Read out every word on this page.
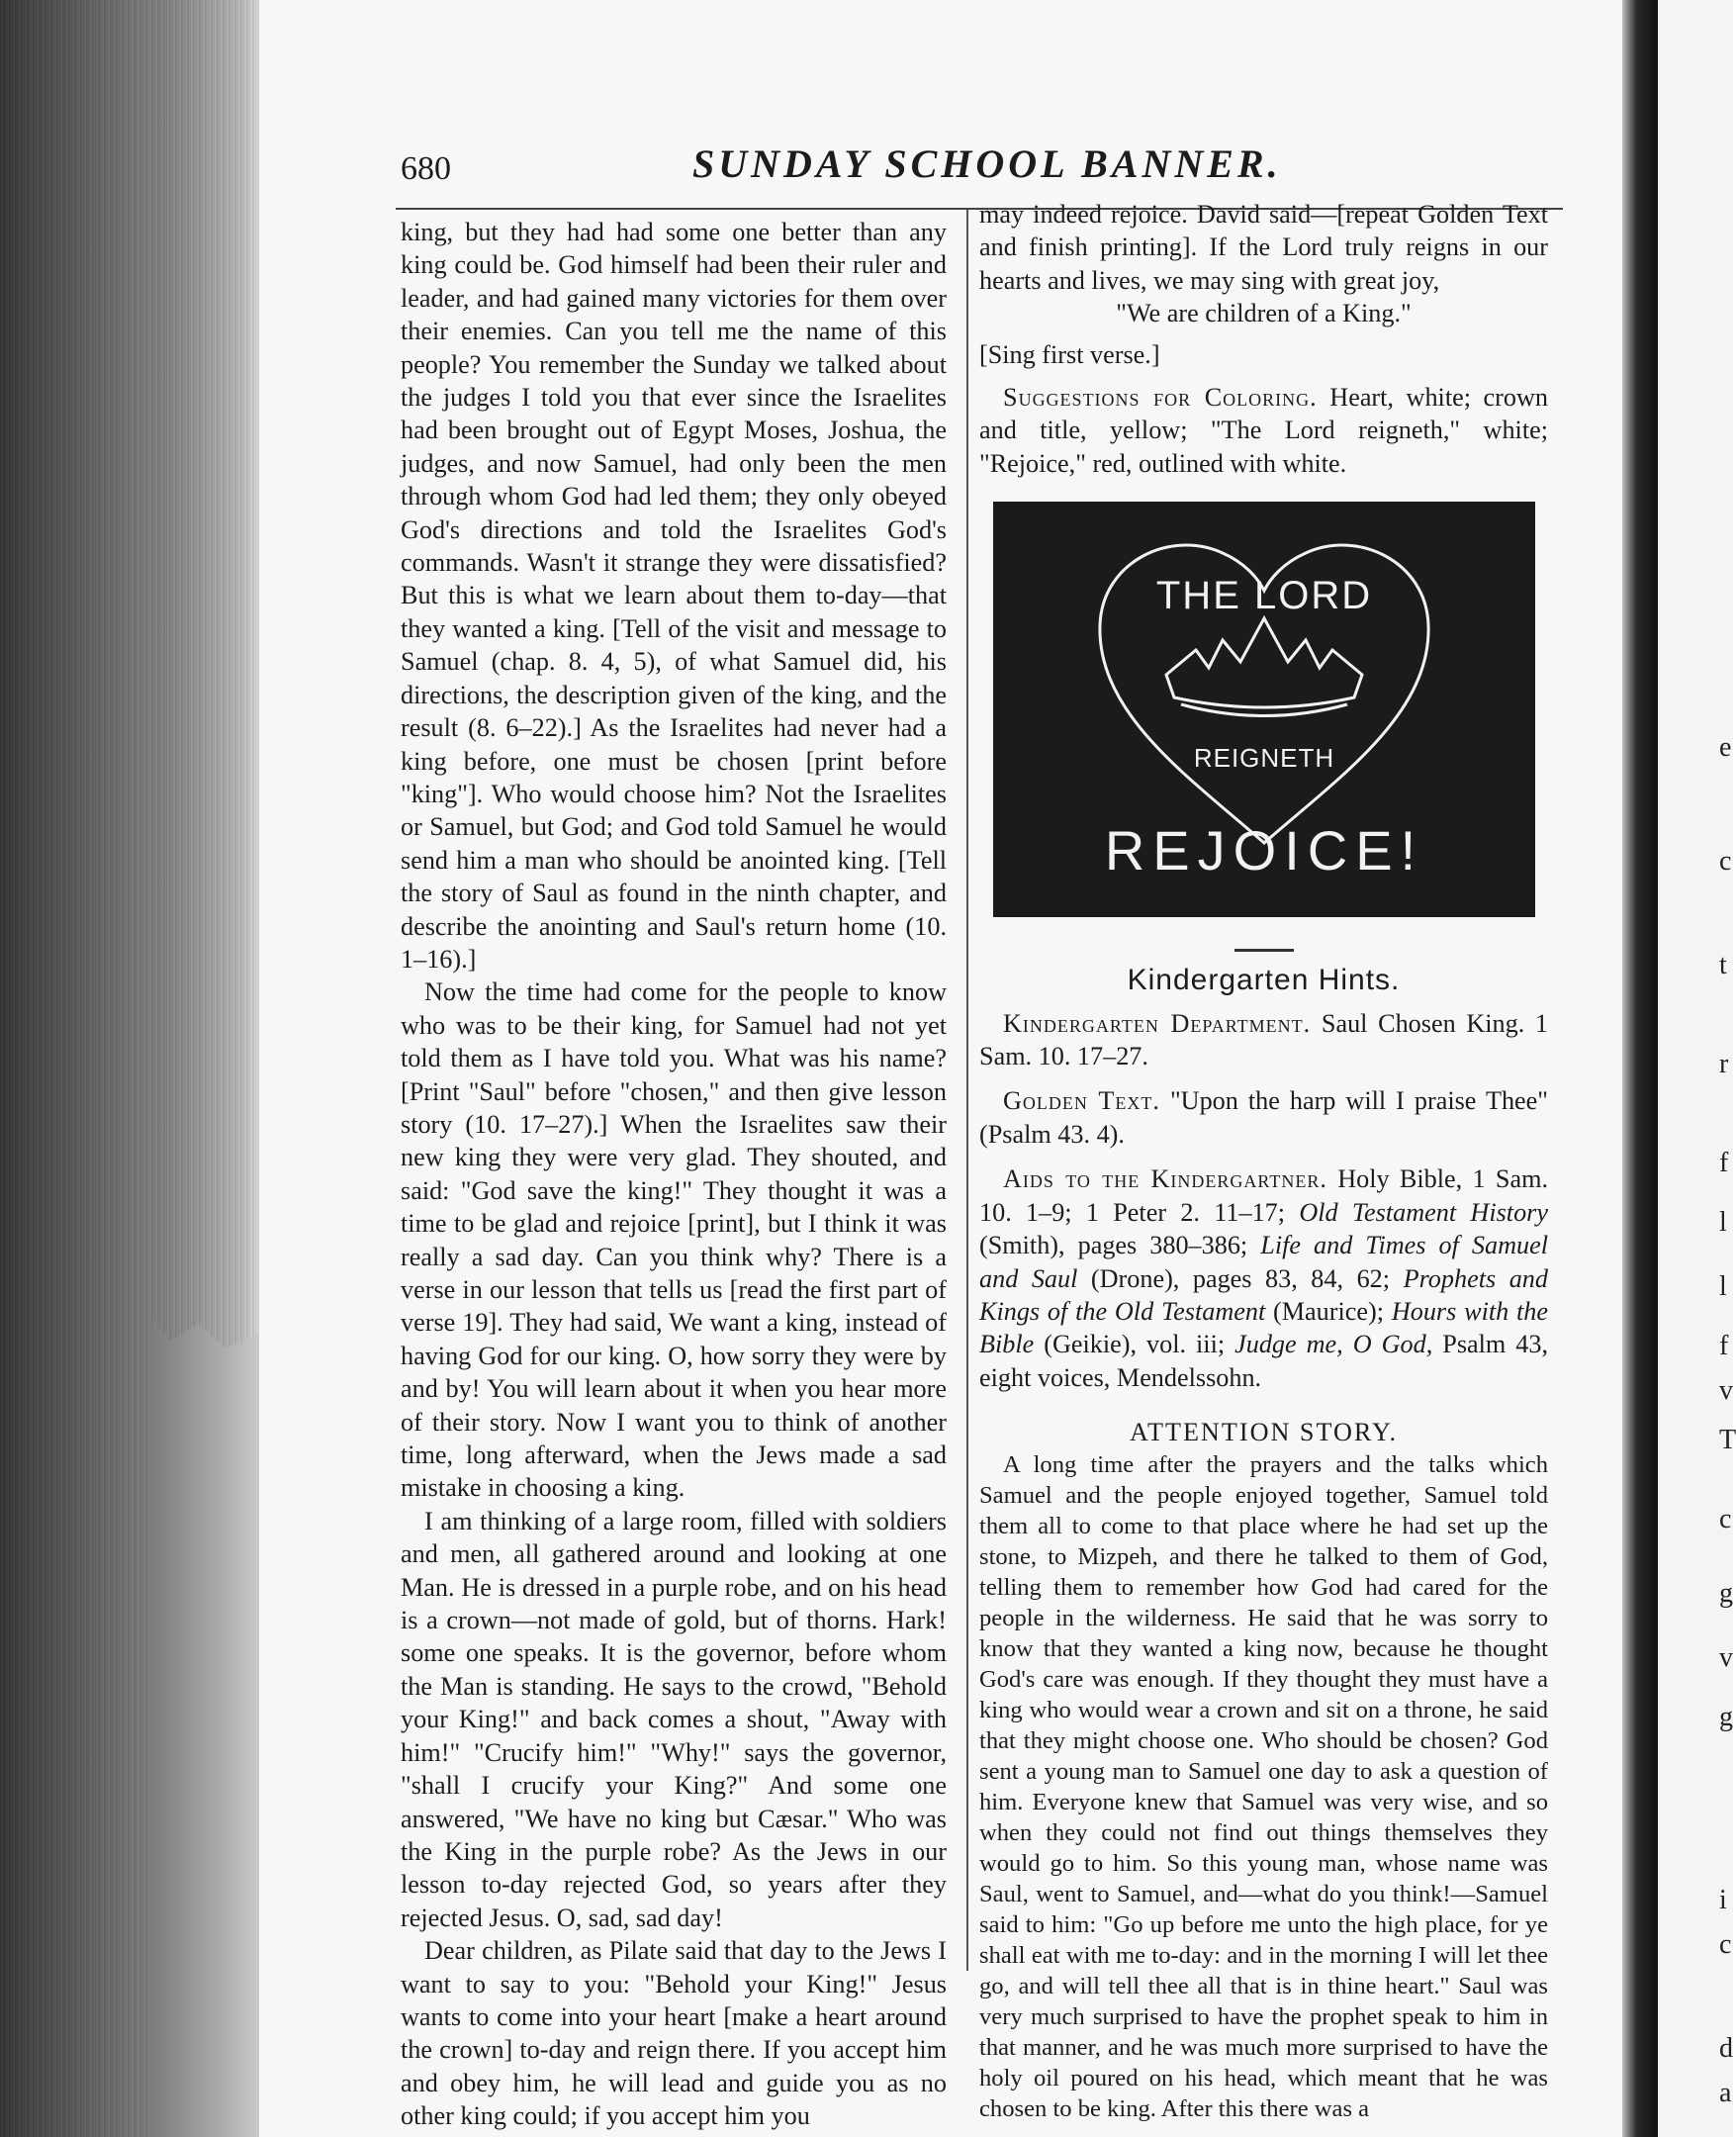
e
c
t
r
f
l
l
f
v
T
c
g
v
g
i
c
d
a
680	SUNDAY SCHOOL BANNER.

king, but they had had some one better than any king could be. God himself had been their ruler and leader, and had gained many victories for them over their enemies. Can you tell me the name of this people? You remember the Sunday we talked about the judges I told you that ever since the Israelites had been brought out of Egypt Moses, Joshua, the judges, and now Samuel, had only been the men through whom God had led them; they only obeyed God's directions and told the Israelites God's commands. Wasn't it strange they were dissatisfied? But this is what we learn about them to-day—that they wanted a king. [Tell of the visit and message to Samuel (chap. 8. 4, 5), of what Samuel did, his directions, the description given of the king, and the result (8. 6–22).] As the Israelites had never had a king before, one must be chosen [print before "king"]. Who would choose him? Not the Israelites or Samuel, but God; and God told Samuel he would send him a man who should be anointed king. [Tell the story of Saul as found in the ninth chapter, and describe the anointing and Saul's return home (10. 1–16).]

Now the time had come for the people to know who was to be their king, for Samuel had not yet told them as I have told you. What was his name? [Print "Saul" before "chosen," and then give lesson story (10. 17–27).] When the Israelites saw their new king they were very glad. They shouted, and said: "God save the king!" They thought it was a time to be glad and rejoice [print], but I think it was really a sad day. Can you think why? There is a verse in our lesson that tells us [read the first part of verse 19]. They had said, We want a king, instead of having God for our king. O, how sorry they were by and by! You will learn about it when you hear more of their story. Now I want you to think of another time, long afterward, when the Jews made a sad mistake in choosing a king.

I am thinking of a large room, filled with soldiers and men, all gathered around and looking at one Man. He is dressed in a purple robe, and on his head is a crown—not made of gold, but of thorns. Hark! some one speaks. It is the governor, before whom the Man is standing. He says to the crowd, "Behold your King!" and back comes a shout, "Away with him!" "Crucify him!" "Why!" says the governor, "shall I crucify your King?" And some one answered, "We have no king but Cæsar." Who was the King in the purple robe? As the Jews in our lesson to-day rejected God, so years after they rejected Jesus. O, sad, sad day!

Dear children, as Pilate said that day to the Jews I want to say to you: "Behold your King!" Jesus wants to come into your heart [make a heart around the crown] to-day and reign there. If you accept him and obey him, he will lead and guide you as no other king could; if you accept him you

may indeed rejoice. David said—[repeat Golden Text and finish printing]. If the Lord truly reigns in our hearts and lives, we may sing with great joy,

"We are children of a King."

[Sing first verse.]

Suggestions for Coloring. Heart, white; crown and title, yellow; "The Lord reigneth," white; "Rejoice," red, outlined with white.

THE LORD
REIGNETH
REJOICE!
Kindergarten Hints.

Kindergarten Department. Saul Chosen King. 1 Sam. 10. 17–27.

Golden Text. "Upon the harp will I praise Thee" (Psalm 43. 4).

Aids to the Kindergartner. Holy Bible, 1 Sam. 10. 1–9; 1 Peter 2. 11–17; Old Testament History (Smith), pages 380–386; Life and Times of Samuel and Saul (Drone), pages 83, 84, 62; Prophets and Kings of the Old Testament (Maurice); Hours with the Bible (Geikie), vol. iii; Judge me, O God, Psalm 43, eight voices, Mendelssohn.

ATTENTION STORY.

A long time after the prayers and the talks which Samuel and the people enjoyed together, Samuel told them all to come to that place where he had set up the stone, to Mizpeh, and there he talked to them of God, telling them to remember how God had cared for the people in the wilderness. He said that he was sorry to know that they wanted a king now, because he thought God's care was enough. If they thought they must have a king who would wear a crown and sit on a throne, he said that they might choose one. Who should be chosen? God sent a young man to Samuel one day to ask a question of him. Everyone knew that Samuel was very wise, and so when they could not find out things themselves they would go to him. So this young man, whose name was Saul, went to Samuel, and—what do you think!—Samuel said to him: "Go up before me unto the high place, for ye shall eat with me to-day: and in the morning I will let thee go, and will tell thee all that is in thine heart." Saul was very much surprised to have the prophet speak to him in that manner, and he was much more surprised to have the holy oil poured on his head, which meant that he was chosen to be king. After this there was a
